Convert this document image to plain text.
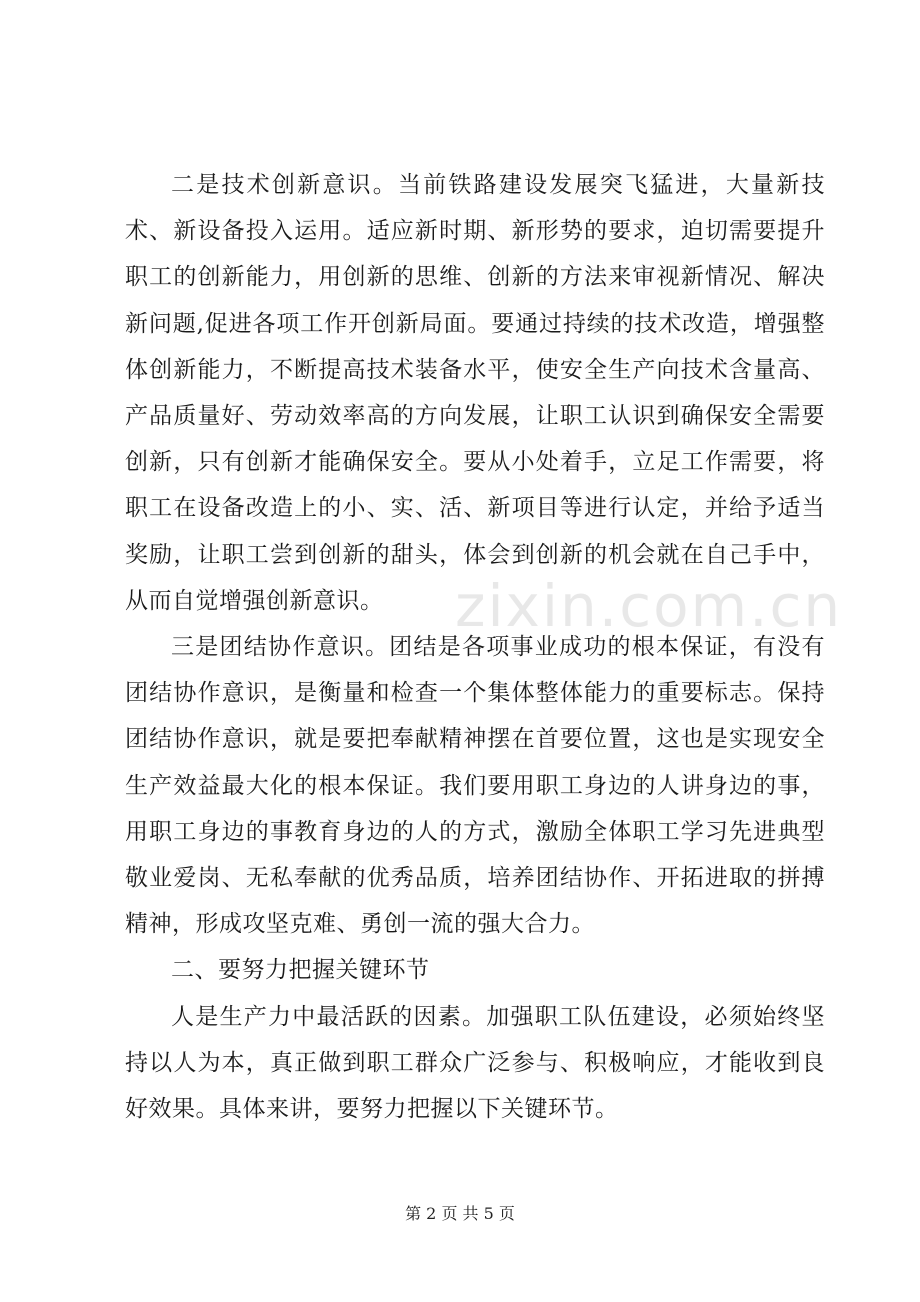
二是技术创新意识。当前铁路建设发展突飞猛进，大量新技术、新设备投入运用。适应新时期、新形势的要求，迫切需要提升职工的创新能力，用创新的思维、创新的方法来审视新情况、解决新问题,促进各项工作开创新局面。要通过持续的技术改造，增强整体创新能力，不断提高技术装备水平，使安全生产向技术含量高、产品质量好、劳动效率高的方向发展，让职工认识到确保安全需要创新，只有创新才能确保安全。要从小处着手，立足工作需要，将职工在设备改造上的小、实、活、新项目等进行认定，并给予适当奖励，让职工尝到创新的甜头，体会到创新的机会就在自己手中，从而自觉增强创新意识。

三是团结协作意识。团结是各项事业成功的根本保证，有没有团结协作意识，是衡量和检查一个集体整体能力的重要标志。保持团结协作意识，就是要把奉献精神摆在首要位置，这也是实现安全生产效益最大化的根本保证。我们要用职工身边的人讲身边的事，用职工身边的事教育身边的人的方式，激励全体职工学习先进典型敬业爱岗、无私奉献的优秀品质，培养团结协作、开拓进取的拼搏精神，形成攻坚克难、勇创一流的强大合力。

二、要努力把握关键环节

人是生产力中最活跃的因素。加强职工队伍建设，必须始终坚持以人为本，真正做到职工群众广泛参与、积极响应，才能收到良好效果。具体来讲，要努力把握以下关键环节。

zixin.com.cn
第 2 页 共 5 页
